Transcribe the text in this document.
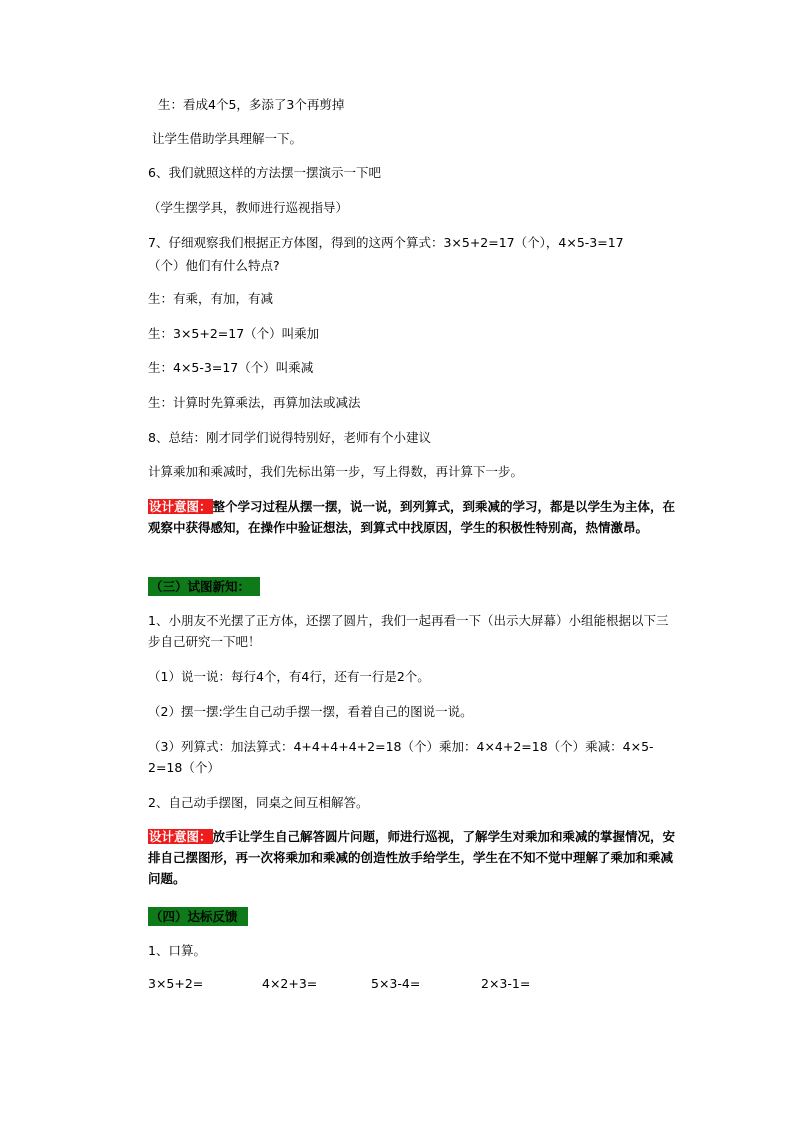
生：看成4个5，多添了3个再剪掉
让学生借助学具理解一下。
6、我们就照这样的方法摆一摆演示一下吧
（学生摆学具，教师进行巡视指导）
7、仔细观察我们根据正方体图，得到的这两个算式：3×5+2=17（个），4×5-3=17
（个）他们有什么特点?
生：有乘，有加，有减
生：3×5+2=17（个）叫乘加
生：4×5-3=17（个）叫乘减
生：计算时先算乘法，再算加法或减法
8、总结：刚才同学们说得特别好，老师有个小建议
计算乘加和乘减时，我们先标出第一步，写上得数，再计算下一步。
设计意图：整个学习过程从摆一摆，说一说，到列算式，到乘减的学习，都是以学生为主体，在观察中获得感知，在操作中验证想法，到算式中找原因，学生的积极性特别高，热情激昂。
（三）试图新知：
1、小朋友不光摆了正方体，还摆了圆片，我们一起再看一下（出示大屏幕）小组能根据以下三步自己研究一下吧！
（1）说一说：每行4个，有4行，还有一行是2个。
（2）摆一摆:学生自己动手摆一摆，看着自己的图说一说。
（3）列算式：加法算式：4+4+4+4+2=18（个）乘加：4×4+2=18（个）乘减：4×5-2=18（个）
2、自己动手摆图，同桌之间互相解答。
设计意图：放手让学生自己解答圆片问题，师进行巡视，了解学生对乘加和乘减的掌握情况，安排自己摆图形，再一次将乘加和乘减的创造性放手给学生，学生在不知不觉中理解了乘加和乘减问题。
（四）达标反馈
1、口算。
3×5+2=	4×2+3=	5×3-4=	2×3-1=
